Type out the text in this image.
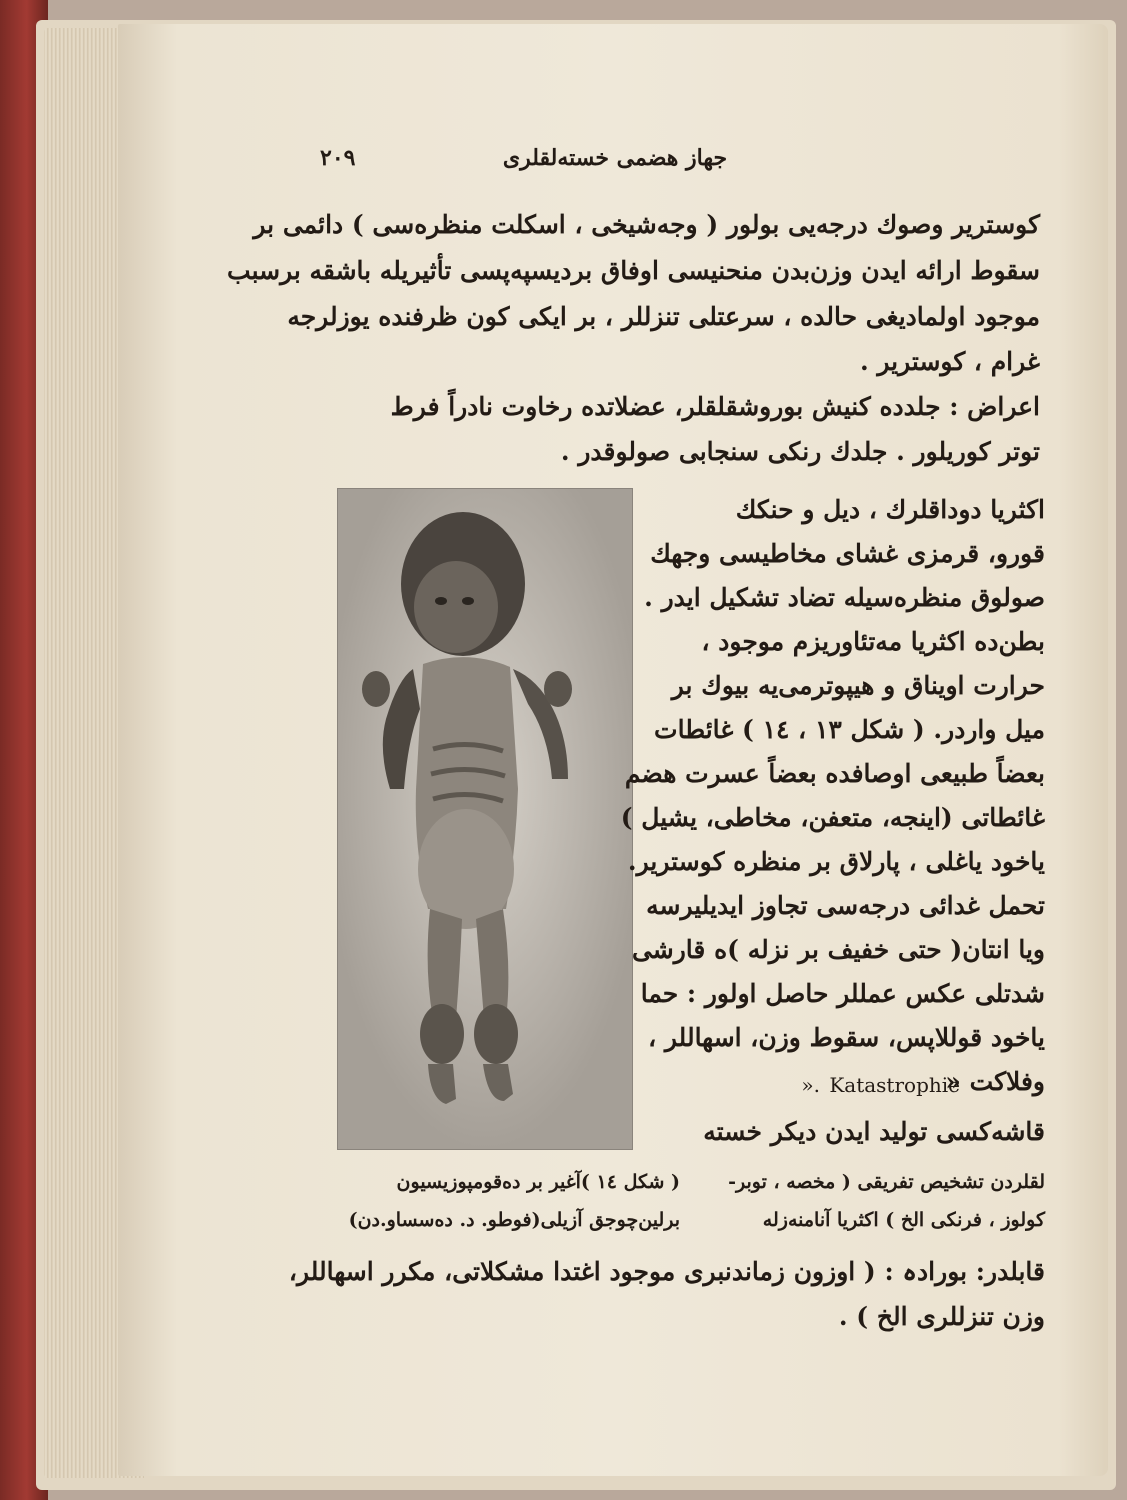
٢٠٩	جهاز هضمی خسته‌لقلری
كوستریر وصوك درجه‌يی بولور ( وجه‌شيخی ، اسكلت منظره‌سی ) دائمی بر
سقوط ارائه ايدن وزن‌بدن منحنيسی اوفاق بردیسپه‌پسی تأثيريله باشقه برسبب
موجود اولماديغی حالده ، سرعتلی تنزللر ، بر ايكی كون ظرفنده يوزلرجه
غرام ، كوستریر .
اعراض : جلدده كنيش بورو‌شقلقلر، عضلاتده رخاوت نادراً فرط
توتر كوريلور . جلدك رنكی سنجابی صولوقدر .
اكثريا دوداقلرك ، ديل و حنكك
قورو، قرمزی غشای مخاطيسی وجهك
صولوق منظره‌سيله تضاد تشكيل ايدر .
بطن‌ده اكثريا مه‌تئاوريزم موجود ،
حرارت اويناق و هيپوترمی‌يه بيوك بر
ميل واردر. ( شكل ١٣ ، ١٤ ) غائطات
بعضاً طبيعی اوصافده بعضاً عسرت هضم
غائطاتی (اينجه، متعفن، مخاطی، يشيل )
ياخود ياغلی ، پارلاق بر منظره كوستریر.
تحمل غدائی درجه‌سی تجاوز ايديليرسه
ويا انتان( حتی خفيف بر نزله )ه قارشی
شدتلی عكس عمللر حاصل اولور : حما
ياخود قوللاپس، سقوط وزن، اسهاللر ،
وفلاكت «
Katastrophie
».
قاشه‌كسی توليد ايدن ديكر خسته‌
لقلردن تشخيص تفريقی ( مخصه ، توبر-
كولوز ، فرنكی الخ ) اكثريا آنامنه‌زله
( شكل ١٤ )آغير بر ده‌قومپوزيسيون
برلين‌چوجق آزيلی(فوطو. د. ده‌سساو.دن)
قابلدر: بورادہ : ( اوزون زماندنبری موجود اغتدا مشكلاتی، مكرر اسهاللر،
وزن تنزللری الخ ) .
